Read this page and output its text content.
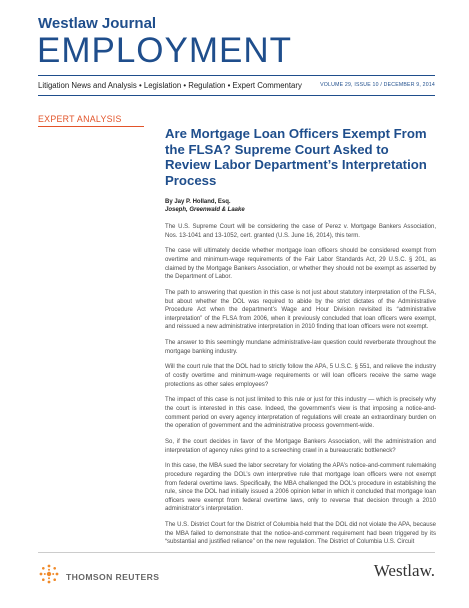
Westlaw Journal
EMPLOYMENT
Litigation News and Analysis • Legislation • Regulation • Expert Commentary	VOLUME 29, ISSUE 10 / DECEMBER 9, 2014
EXPERT ANALYSIS
Are Mortgage Loan Officers Exempt From the FLSA? Supreme Court Asked to Review Labor Department’s Interpretation Process
By Jay P. Holland, Esq.
Joseph, Greenwald & Laake

The U.S. Supreme Court will be considering the case of Perez v. Mortgage Bankers Association, Nos. 13-1041 and 13-1052, cert. granted (U.S. June 16, 2014), this term.

The case will ultimately decide whether mortgage loan officers should be considered exempt from overtime and minimum-wage requirements of the Fair Labor Standards Act, 29 U.S.C. § 201, as claimed by the Mortgage Bankers Association, or whether they should not be exempt as asserted by the Department of Labor.

The path to answering that question in this case is not just about statutory interpretation of the FLSA, but about whether the DOL was required to abide by the strict dictates of the Administrative Procedure Act when the department’s Wage and Hour Division revisited its “administrative interpretation” of the FLSA from 2006, when it previously concluded that loan officers were exempt, and reissued a new administrative interpretation in 2010 finding that loan officers were not exempt.

The answer to this seemingly mundane administrative-law question could reverberate throughout the mortgage banking industry.

Will the court rule that the DOL had to strictly follow the APA, 5 U.S.C. § 551, and relieve the industry of costly overtime and minimum-wage requirements or will loan officers receive the same wage protections as other sales employees?

The impact of this case is not just limited to this rule or just for this industry — which is precisely why the court is interested in this case. Indeed, the government’s view is that imposing a notice-and-comment period on every agency interpretation of regulations will create an extraordinary burden on the operation of government and the administrative process government-wide.

So, if the court decides in favor of the Mortgage Bankers Association, will the administration and interpretation of agency rules grind to a screeching crawl in a bureaucratic bottleneck?

In this case, the MBA sued the labor secretary for violating the APA’s notice-and-comment rulemaking procedure regarding the DOL’s own interpretive rule that mortgage loan officers were not exempt from federal overtime laws. Specifically, the MBA challenged the DOL’s procedure in establishing the rule, since the DOL had initially issued a 2006 opinion letter in which it concluded that mortgage loan officers were exempt from federal overtime laws, only to reverse that decision through a 2010 administrator’s interpretation.

The U.S. District Court for the District of Columbia held that the DOL did not violate the APA, because the MBA failed to demonstrate that the notice-and-comment requirement had been triggered by its “substantial and justified reliance” on the new regulation. The District of Columbia U.S. Circuit

THOMSON REUTERS	Westlaw.
